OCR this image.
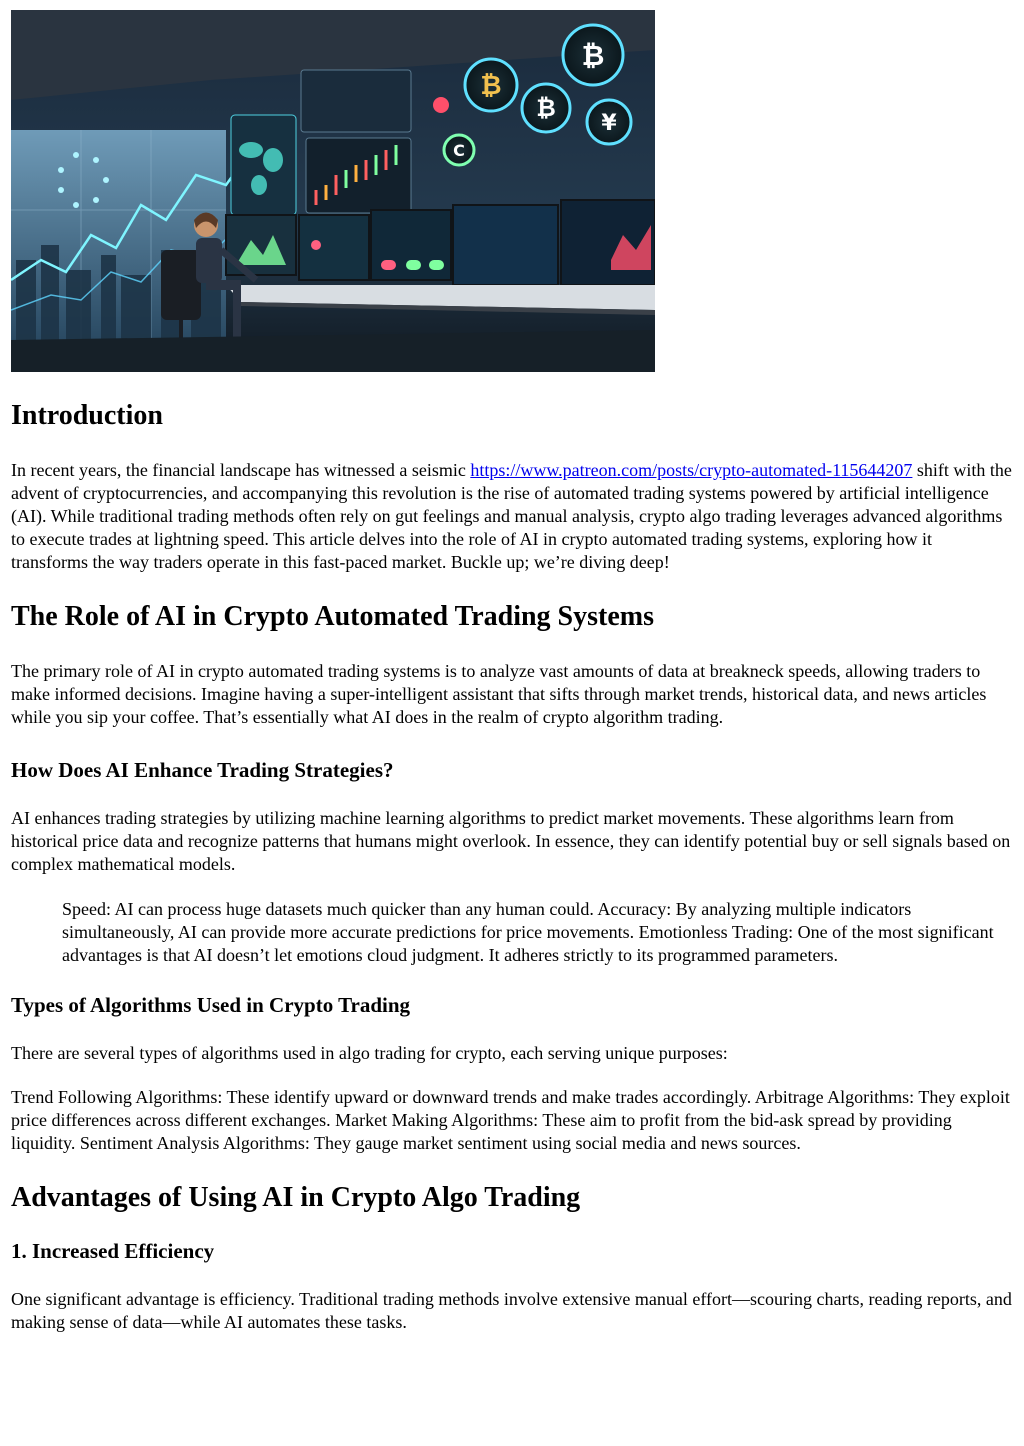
₿
₿
₿
¥
C
Introduction

In recent years, the financial landscape has witnessed a seismic https://www.patreon.com/posts/crypto-automated-115644207 shift with the advent of cryptocurrencies, and accompanying this revolution is the rise of automated trading systems powered by artificial intelligence (AI). While traditional trading methods often rely on gut feelings and manual analysis, crypto algo trading leverages advanced algorithms to execute trades at lightning speed. This article delves into the role of AI in crypto automated trading systems, exploring how it transforms the way traders operate in this fast-paced market. Buckle up; we’re diving deep!

The Role of AI in Crypto Automated Trading Systems

The primary role of AI in crypto automated trading systems is to analyze vast amounts of data at breakneck speeds, allowing traders to make informed decisions. Imagine having a super-intelligent assistant that sifts through market trends, historical data, and news articles while you sip your coffee. That’s essentially what AI does in the realm of crypto algorithm trading.

How Does AI Enhance Trading Strategies?

AI enhances trading strategies by utilizing machine learning algorithms to predict market movements. These algorithms learn from historical price data and recognize patterns that humans might overlook. In essence, they can identify potential buy or sell signals based on complex mathematical models.

Speed: AI can process huge datasets much quicker than any human could. Accuracy: By analyzing multiple indicators simultaneously, AI can provide more accurate predictions for price movements. Emotionless Trading: One of the most significant advantages is that AI doesn’t let emotions cloud judgment. It adheres strictly to its programmed parameters.

Types of Algorithms Used in Crypto Trading

There are several types of algorithms used in algo trading for crypto, each serving unique purposes:

Trend Following Algorithms: These identify upward or downward trends and make trades accordingly. Arbitrage Algorithms: They exploit price differences across different exchanges. Market Making Algorithms: These aim to profit from the bid-ask spread by providing liquidity. Sentiment Analysis Algorithms: They gauge market sentiment using social media and news sources.

Advantages of Using AI in Crypto Algo Trading
1. Increased Efficiency

One significant advantage is efficiency. Traditional trading methods involve extensive manual effort—scouring charts, reading reports, and making sense of data—while AI automates these tasks.
